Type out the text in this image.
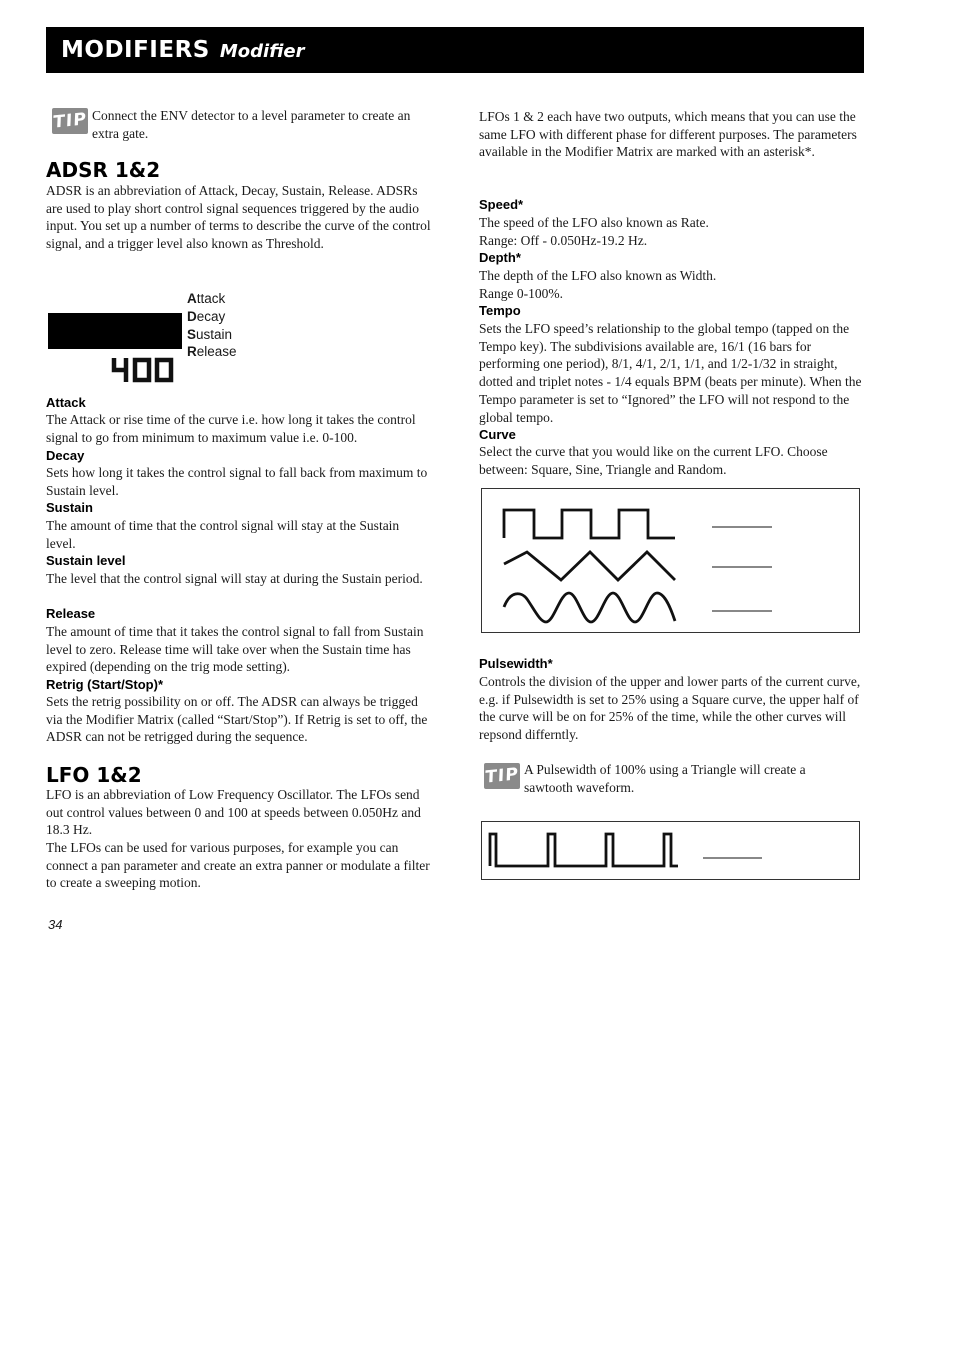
MODIFIERS Modifier
TIP Connect the ENV detector to a level parameter to create an extra gate.

ADSR 1&2

ADSR is an abbreviation of Attack, Decay, Sustain, Release. ADSRs are used to play short control signal sequences triggered by the audio input. You set up a number of terms to describe the curve of the control signal, and a trigger level also known as Threshold.

Attack
Decay
Sustain
Release
Attack

The Attack or rise time of the curve i.e. how long it takes the control signal to go from minimum to maximum value i.e. 0-100.

Decay

Sets how long it takes the control signal to fall back from maximum to Sustain level.

Sustain

The amount of time that the control signal will stay at the Sustain level.

Sustain level

The level that the control signal will stay at during the Sustain period.

Release

The amount of time that it takes the control signal to fall from Sustain level to zero. Release time will take over when the Sustain time has expired (depending on the trig mode setting).

Retrig (Start/Stop)*

Sets the retrig possibility on or off. The ADSR can always be trigged via the Modifier Matrix (called “Start/Stop”). If Retrig is set to off, the ADSR can not be retrigged during the sequence.

LFO 1&2

LFO is an abbreviation of Low Frequency Oscillator. The LFOs send out control values between 0 and 100 at speeds between 0.050Hz and 18.3 Hz.

The LFOs can be used for various purposes, for example you can connect a pan parameter and create an extra panner or modulate a filter to create a sweeping motion.

34

LFOs 1 & 2 each have two outputs, which means that you can use the same LFO with different phase for different purposes. The parameters available in the Modifier Matrix are marked with an asterisk*.

Speed*

The speed of the LFO also known as Rate.
Range: Off - 0.050Hz-19.2 Hz.

Depth*

The depth of the LFO also known as Width.
Range 0-100%.

Tempo

Sets the LFO speed’s relationship to the global tempo (tapped on the Tempo key). The subdivisions available are, 16/1 (16 bars for performing one period), 8/1, 4/1, 2/1, 1/1, and 1/2-1/32 in straight, dotted and triplet notes - 1/4 equals BPM (beats per minute). When the Tempo parameter is set to “Ignored” the LFO will not respond to the global tempo.

Curve

Select the curve that you would like on the current LFO. Choose between: Square, Sine, Triangle and Random.

Pulsewidth*

Controls the division of the upper and lower parts of the current curve, e.g. if Pulsewidth is set to 25% using a Square curve, the upper half of the curve will be on for 25% of the time, while the other curves will repsond differntly.

TIP A Pulsewidth of 100% using a Triangle will create a sawtooth waveform.
